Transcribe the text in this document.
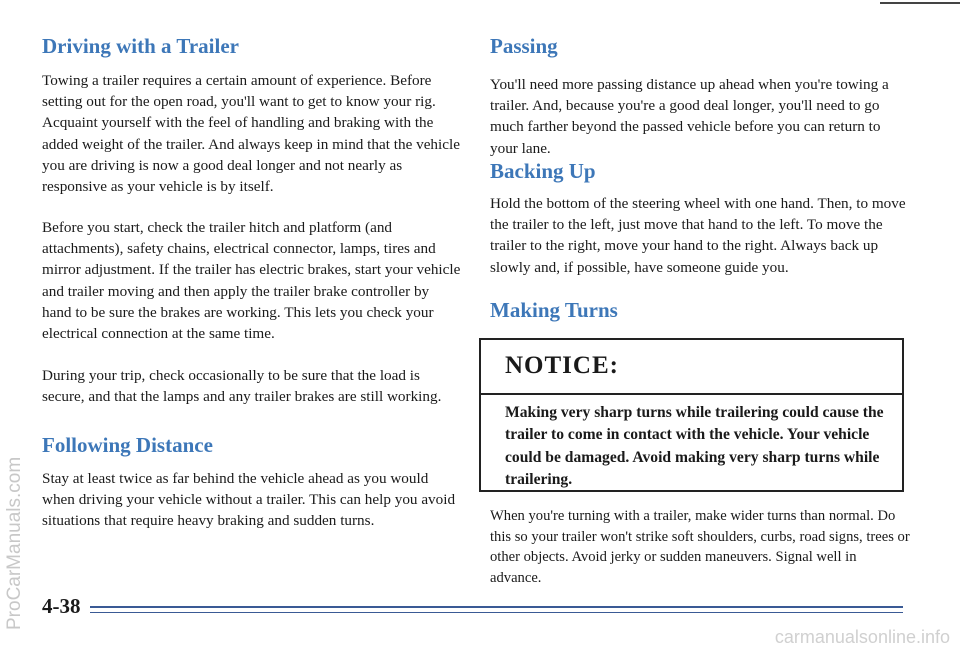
Driving with a Trailer

Towing a trailer requires a certain amount of experience. Before setting out for the open road, you'll want to get to know your rig. Acquaint yourself with the feel of handling and braking with the added weight of the trailer. And always keep in mind that the vehicle you are driving is now a good deal longer and not nearly as responsive as your vehicle is by itself.

Before you start, check the trailer hitch and platform (and attachments), safety chains, electrical connector, lamps, tires and mirror adjustment. If the trailer has electric brakes, start your vehicle and trailer moving and then apply the trailer brake controller by hand to be sure the brakes are working. This lets you check your electrical connection at the same time.

During your trip, check occasionally to be sure that the load is secure, and that the lamps and any trailer brakes are still working.

Following Distance

Stay at least twice as far behind the vehicle ahead as you would when driving your vehicle without a trailer. This can help you avoid situations that require heavy braking and sudden turns.

Passing

You'll need more passing distance up ahead when you're towing a trailer. And, because you're a good deal longer, you'll need to go much farther beyond the passed vehicle before you can return to your lane.

Backing Up

Hold the bottom of the steering wheel with one hand. Then, to move the trailer to the left, just move that hand to the left. To move the trailer to the right, move your hand to the right. Always back up slowly and, if possible, have someone guide you.

Making Turns

When you're turning with a trailer, make wider turns than normal. Do this so your trailer won't strike soft shoulders, curbs, road signs, trees or other objects. Avoid jerky or sudden maneuvers. Signal well in advance.

NOTICE:

Making very sharp turns while trailering could cause the trailer to come in contact with the vehicle. Your vehicle could be damaged. Avoid making very sharp turns while trailering.

4-38
ProCarManuals.com
carmanualsonline.info
